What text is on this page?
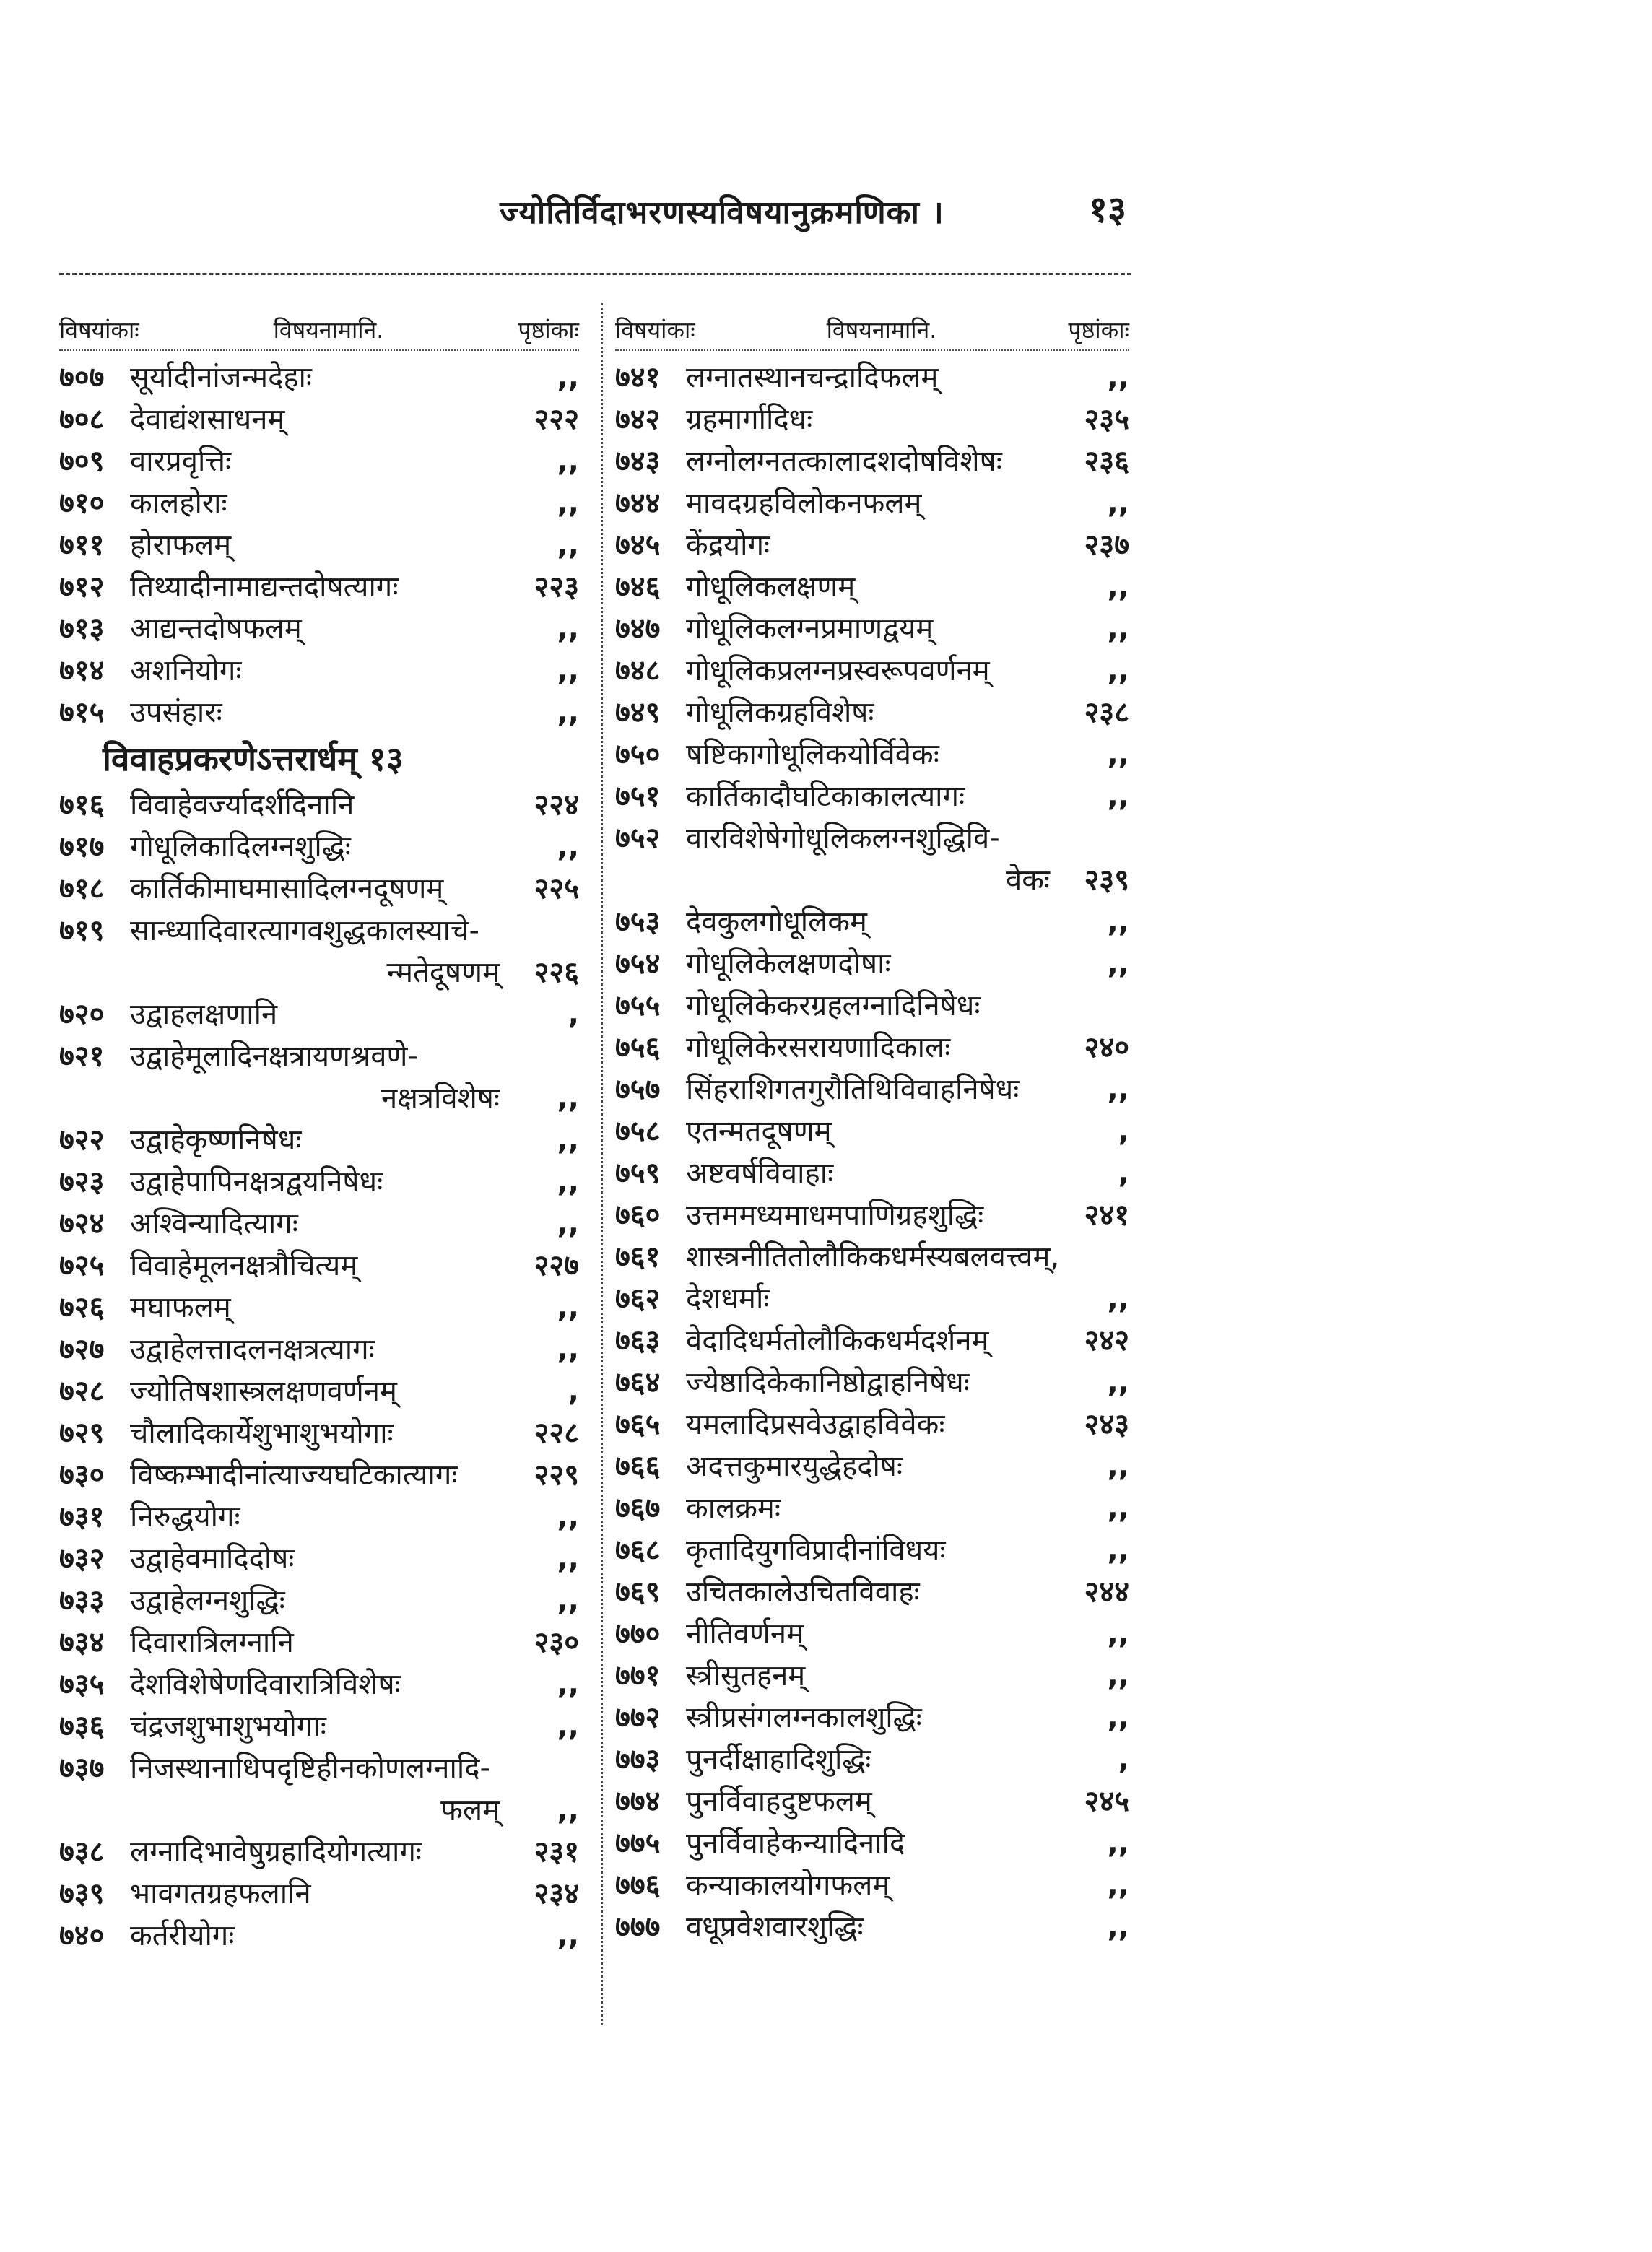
ज्योतिर्विदाभरणस्यविषयानुक्रमणिका ।	१३
विषयांकाः	विषयनामानि.	पृष्ठांकाः
७०७ सूर्यादीनांजन्मदेहाः	,,
७०८ देवाद्यंशसाधनम्	२२२
७०९ वारप्रवृत्तिः	,,
७१० कालहोराः	,,
७११ होराफलम्	,,
७१२ तिथ्यादीनामाद्यन्तदोषत्यागः	२२३
७१३ आद्यन्तदोषफलम्	,,
७१४ अशनियोगः	,,
७१५ उपसंहारः	,,
विवाहप्रकरणेऽत्तरार्धम् १३
७१६ विवाहेवर्ज्यादर्शदिनानि	२२४
७१७ गोधूलिकादिलग्नशुद्धिः	,,
७१८ कार्तिकीमाघमासादिलग्नदूषणम्	२२५
७१९ सान्ध्यादिवारत्यागवशुद्धकालस्याचे-
न्मतेदूषणम्	२२६
७२० उद्वाहलक्षणानि	,
७२१ उद्वाहेमूलादिनक्षत्रायणश्रवणे-
नक्षत्रविशेषः	,,
७२२ उद्वाहेकृष्णनिषेधः	,,
७२३ उद्वाहेपापिनक्षत्रद्वयनिषेधः	,,
७२४ अश्विन्यादित्यागः	,,
७२५ विवाहेमूलनक्षत्रौचित्यम्	२२७
७२६ मघाफलम्	,,
७२७ उद्वाहेलत्तादलनक्षत्रत्यागः	,,
७२८ ज्योतिषशास्त्रलक्षणवर्णनम्	,
७२९ चौलादिकार्येशुभाशुभयोगाः	२२८
७३० विष्कम्भादीनांत्याज्यघटिकात्यागः	२२९
७३१ निरुद्धयोगः	,,
७३२ उद्वाहेवमादिदोषः	,,
७३३ उद्वाहेलग्नशुद्धिः	,,
७३४ दिवारात्रिलग्नानि	२३०
७३५ देशविशेषेणदिवारात्रिविशेषः	,,
७३६ चंद्रजशुभाशुभयोगाः	,,
७३७ निजस्थानाधिपदृष्टिहीनकोणलग्नादि-
फलम्	,,
७३८ लग्नादिभावेषुग्रहादियोगत्यागः	२३१
७३९ भावगतग्रहफलानि	२३४
७४० कर्तरीयोगः	,,
विषयांकाः	विषयनामानि.	पृष्ठांकाः
७४१ लग्नातस्थानचन्द्रादिफलम्	,,
७४२ ग्रहमार्गादिधः	२३५
७४३ लग्नोलग्नतत्कालादशदोषविशेषः	२३६
७४४ मावदग्रहविलोकनफलम्	,,
७४५ केंद्रयोगः	२३७
७४६ गोधूलिकलक्षणम्	,,
७४७ गोधूलिकलग्नप्रमाणद्वयम्	,,
७४८ गोधूलिकप्रलग्नप्रस्वरूपवर्णनम्	,,
७४९ गोधूलिकग्रहविशेषः	२३८
७५० षष्टिकागोधूलिकयोर्विवेकः	,,
७५१ कार्तिकादौघटिकाकालत्यागः	,,
७५२ वारविशेषेगोधूलिकलग्नशुद्धिवि-
वेकः	२३९
७५३ देवकुलगोधूलिकम्	,,
७५४ गोधूलिकेलक्षणदोषाः	,,
७५५ गोधूलिकेकरग्रहलग्नादिनिषेधः
७५६ गोधूलिकेरसरायणादिकालः	२४०
७५७ सिंहराशिगतगुरौतिथिविवाहनिषेधः	,,
७५८ एतन्मतदूषणम्	,
७५९ अष्टवर्षविवाहाः	,
७६० उत्तममध्यमाधमपाणिग्रहशुद्धिः	२४१
७६१ शास्त्रनीतितोलौकिकधर्मस्यबलवत्त्वम्,
७६२ देशधर्माः	,,
७६३ वेदादिधर्मतोलौकिकधर्मदर्शनम्	२४२
७६४ ज्येष्ठादिकेकानिष्ठोद्वाहनिषेधः	,,
७६५ यमलादिप्रसवेउद्वाहविवेकः	२४३
७६६ अदत्तकुमारयुद्धेहदोषः	,,
७६७ कालक्रमः	,,
७६८ कृतादियुगविप्रादीनांविधयः	,,
७६९ उचितकालेउचितविवाहः	२४४
७७० नीतिवर्णनम्	,,
७७१ स्त्रीसुतहनम्	,,
७७२ स्त्रीप्रसंगलग्नकालशुद्धिः	,,
७७३ पुनर्दीक्षाहादिशुद्धिः	,
७७४ पुनर्विवाहदुष्टफलम्	२४५
७७५ पुनर्विवाहेकन्यादिनादि	,,
७७६ कन्याकालयोगफलम्	,,
७७७ वधूप्रवेशवारशुद्धिः	,,
